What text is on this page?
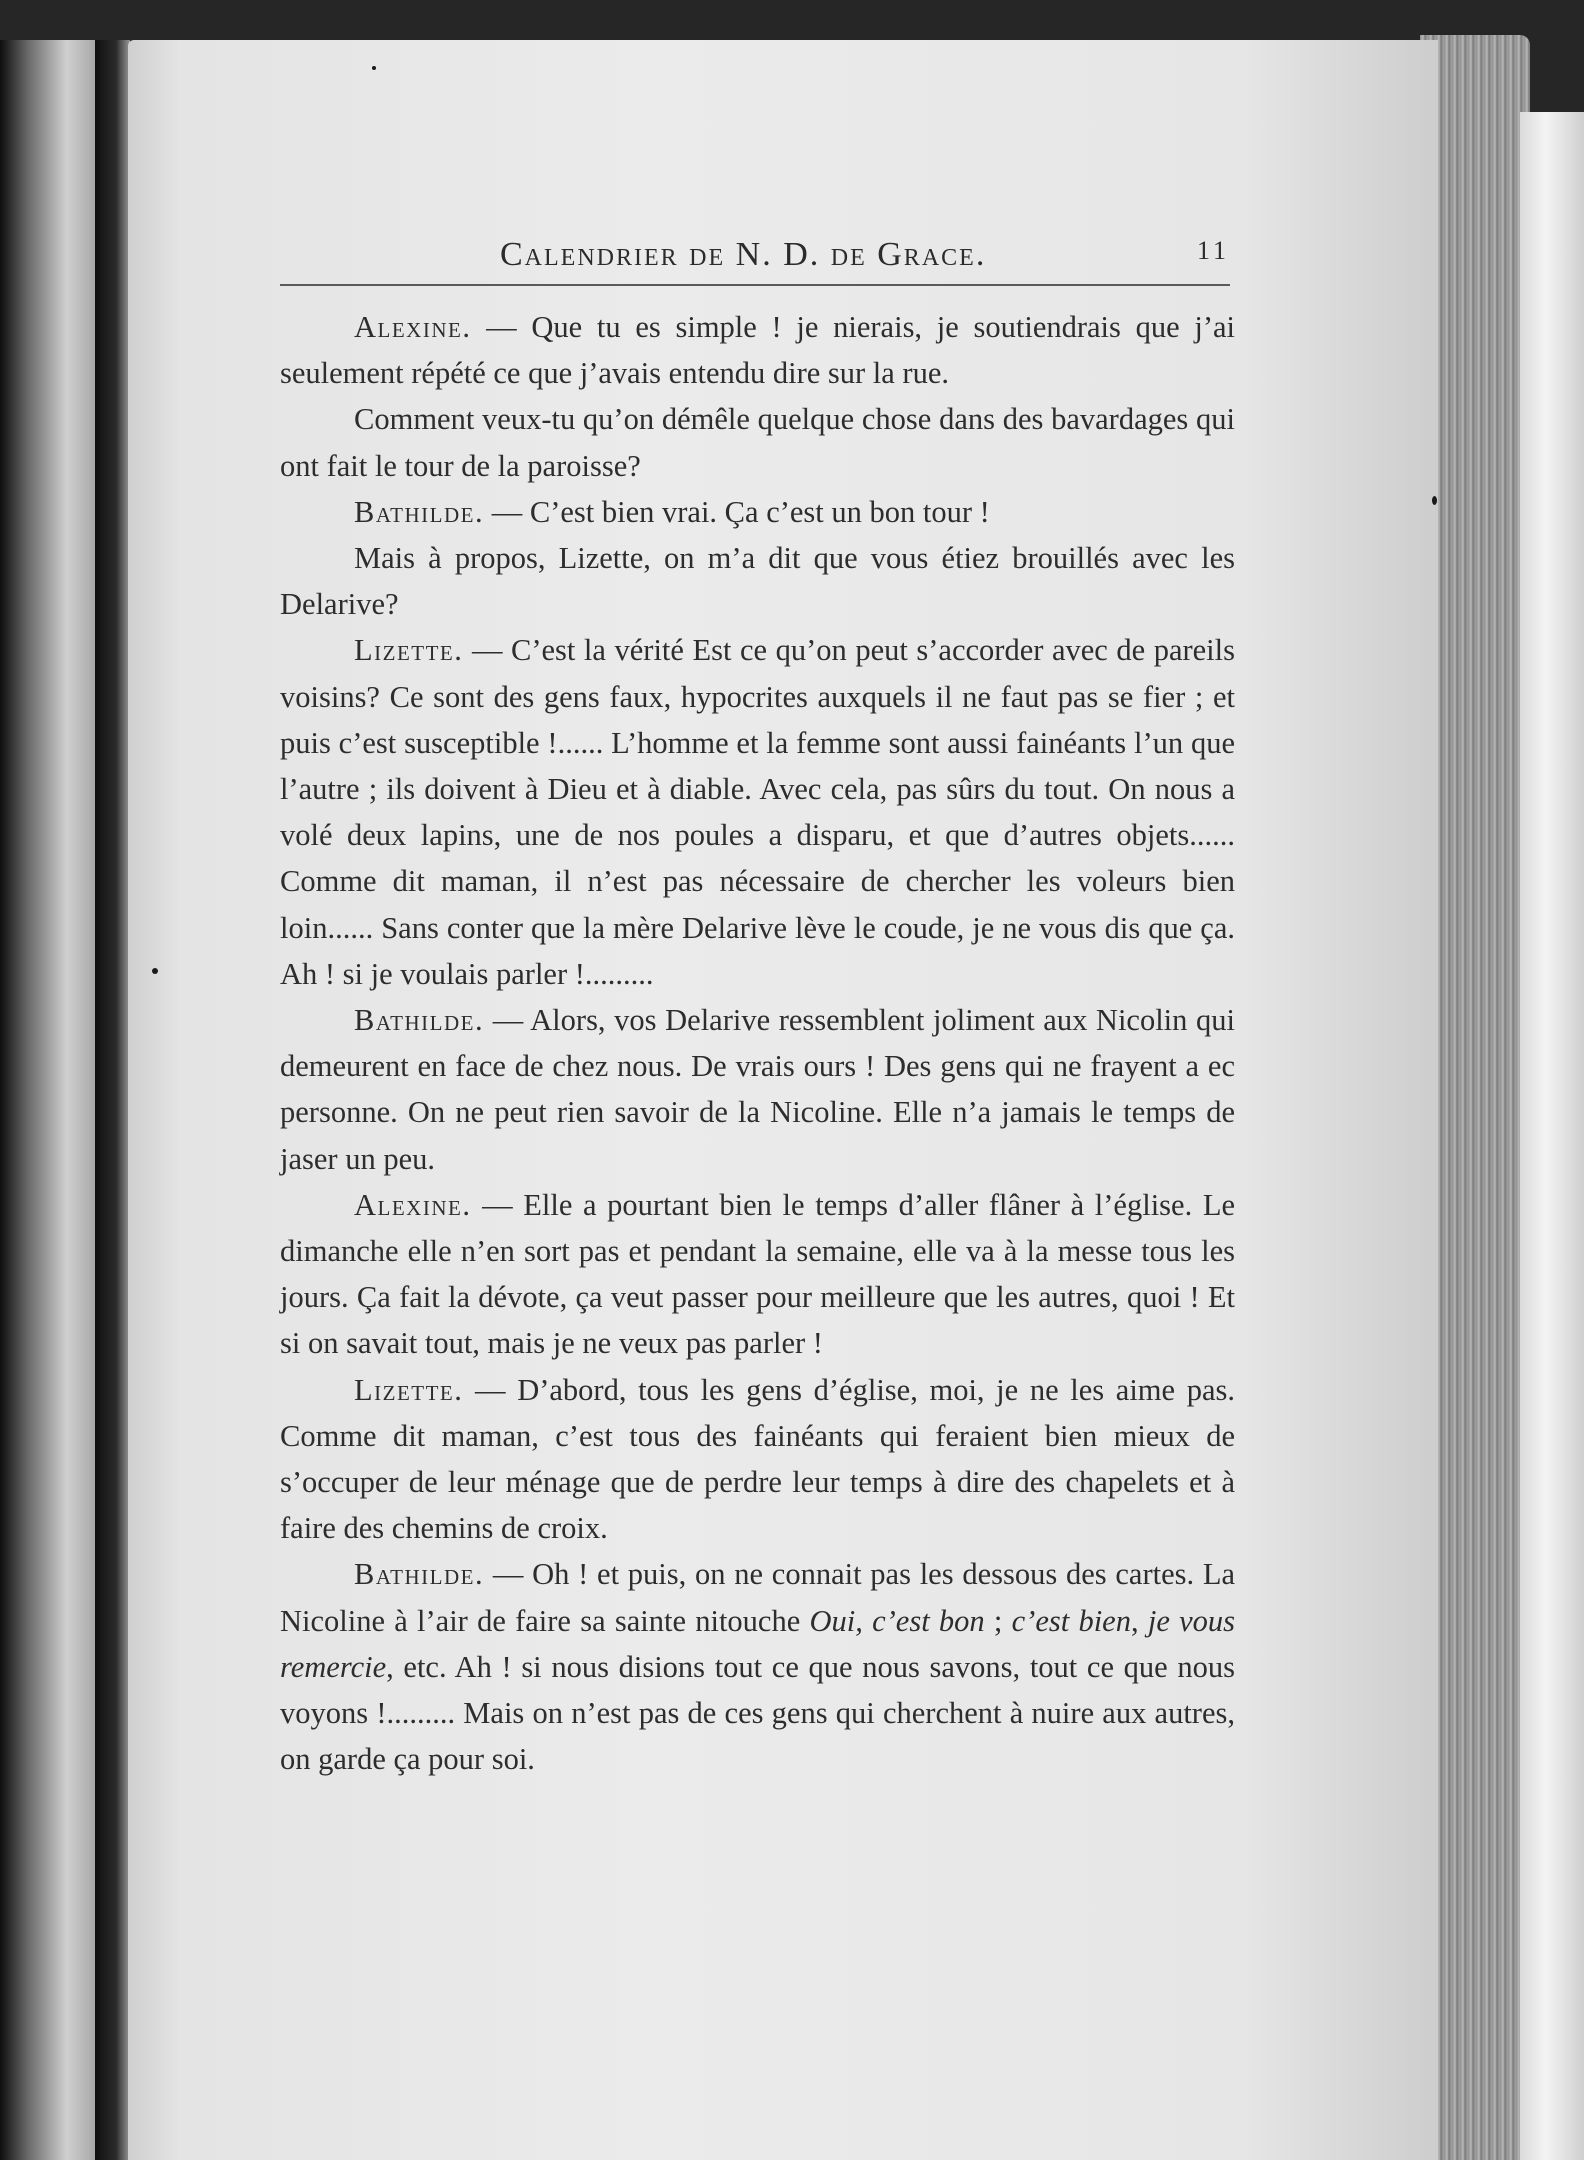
Calendrier de N. D. de Grace.	11

Alexine. — Que tu es simple ! je nierais, je soutiendrais que j’ai seulement répété ce que j’avais entendu dire sur la rue.

Comment veux-tu qu’on démêle quelque chose dans des bavardages qui ont fait le tour de la paroisse?

Bathilde. — C’est bien vrai. Ça c’est un bon tour !

Mais à propos, Lizette, on m’a dit que vous étiez brouillés avec les Delarive?

Lizette. — C’est la vérité Est ce qu’on peut s’accorder avec de pareils voisins? Ce sont des gens faux, hypocrites auxquels il ne faut pas se fier ; et puis c’est susceptible !...... L’homme et la femme sont aussi fainéants l’un que l’autre ; ils doivent à Dieu et à diable. Avec cela, pas sûrs du tout. On nous a volé deux lapins, une de nos poules a disparu, et que d’autres objets...... Comme dit maman, il n’est pas nécessaire de chercher les voleurs bien loin...... Sans conter que la mère Delarive lève le coude, je ne vous dis que ça. Ah ! si je voulais parler !.........

Bathilde. — Alors, vos Delarive ressemblent joliment aux Nicolin qui demeurent en face de chez nous. De vrais ours ! Des gens qui ne frayent a ec personne. On ne peut rien savoir de la Nicoline. Elle n’a jamais le temps de jaser un peu.

Alexine. — Elle a pourtant bien le temps d’aller flâner à l’église. Le dimanche elle n’en sort pas et pendant la semaine, elle va à la messe tous les jours. Ça fait la dévote, ça veut passer pour meilleure que les autres, quoi ! Et si on savait tout, mais je ne veux pas parler !

Lizette. — D’abord, tous les gens d’église, moi, je ne les aime pas. Comme dit maman, c’est tous des fainéants qui feraient bien mieux de s’occuper de leur ménage que de perdre leur temps à dire des chapelets et à faire des chemins de croix.

Bathilde. — Oh ! et puis, on ne connait pas les dessous des cartes. La Nicoline à l’air de faire sa sainte nitouche Oui, c’est bon ; c’est bien, je vous remercie, etc. Ah ! si nous disions tout ce que nous savons, tout ce que nous voyons !......... Mais on n’est pas de ces gens qui cherchent à nuire aux autres, on garde ça pour soi.
